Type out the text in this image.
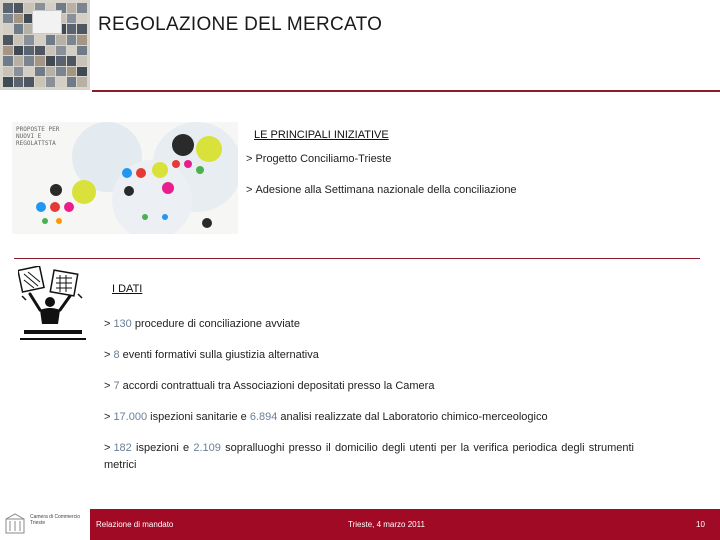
REGOLAZIONE DEL MERCATO
PROPOSTE PER NUOVI E REGOLATTSTA
LE PRINCIPALI INIZIATIVE
> Progetto Conciliamo-Trieste
> Adesione alla Settimana nazionale della conciliazione
I DATI
> 130 procedure di conciliazione avviate
> 8 eventi formativi sulla giustizia alternativa
> 7 accordi contrattuali tra Associazioni depositati presso la Camera
> 17.000 ispezioni sanitarie e 6.894 analisi realizzate dal Laboratorio chimico-merceologico
> 182 ispezioni e 2.109 sopralluoghi presso il domicilio degli utenti per la verifica periodica degli strumenti metrici
Camera di Commercio Trieste	Relazione di mandato	Trieste, 4 marzo 2011	10
